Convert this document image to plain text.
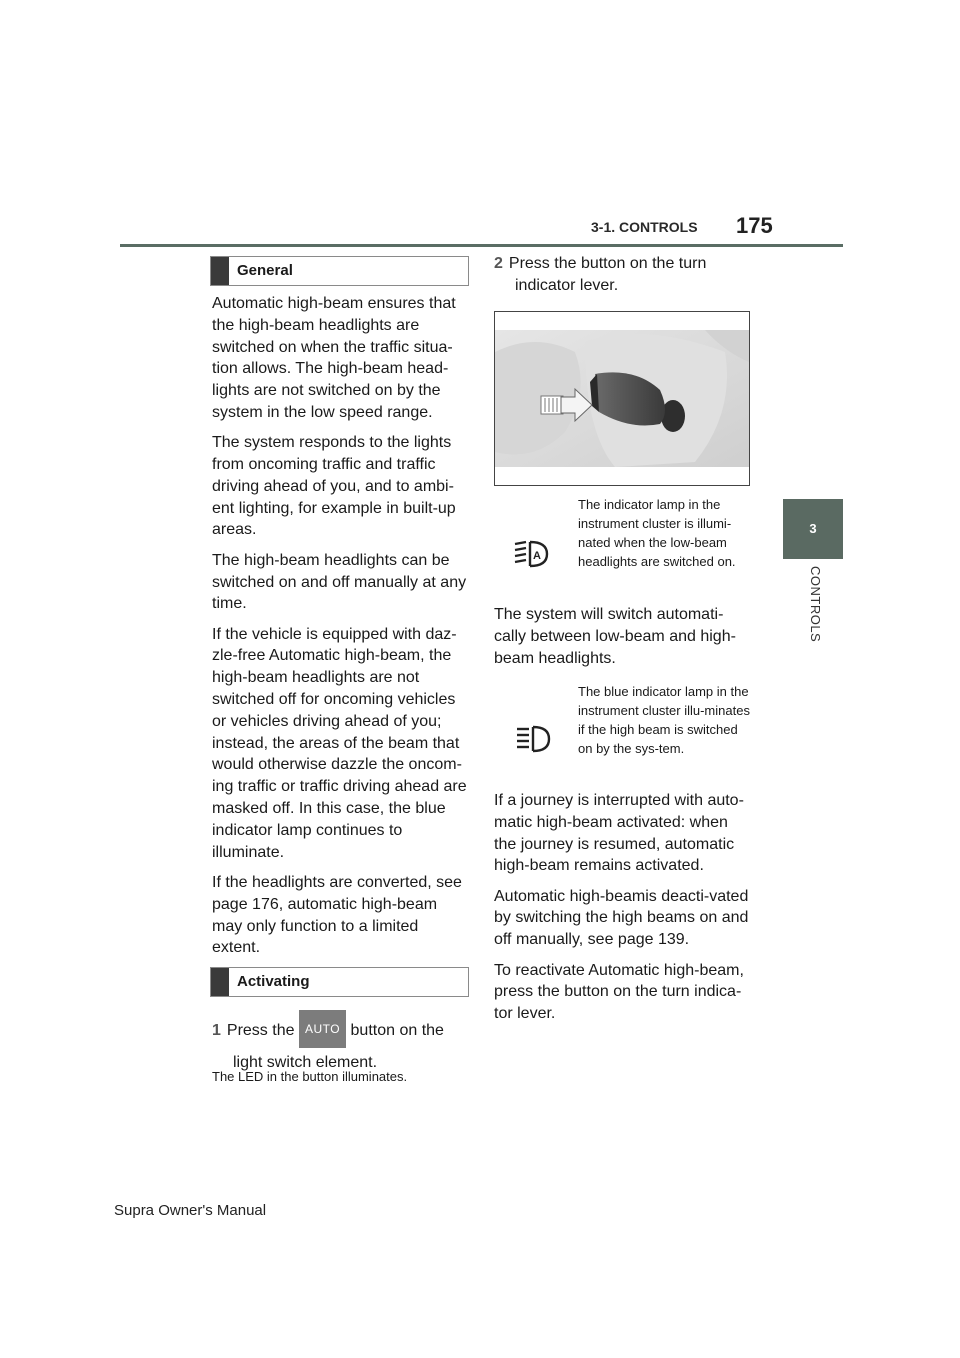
3-1. CONTROLS 175
3
CONTROLS
General

Automatic high-beam ensures that the high-beam headlights are switched on when the traffic situa-tion allows. The high-beam head-lights are not switched on by the system in the low speed range.

The system responds to the lights from oncoming traffic and traffic driving ahead of you, and to ambi-ent lighting, for example in built-up areas.

The high-beam headlights can be switched on and off manually at any time.

If the vehicle is equipped with daz-zle-free Automatic high-beam, the high-beam headlights are not switched off for oncoming vehicles or vehicles driving ahead of you; instead, the areas of the beam that would otherwise dazzle the oncom-ing traffic or traffic driving ahead are masked off. In this case, the blue indicator lamp continues to illuminate.

If the headlights are converted, see page 176, automatic high-beam may only function to a limited extent.

Activating
1 Press the AUTO button on the
light switch element.
The LED in the button illuminates.
2 Press the button on the turn
indicator lever.
A
The indicator lamp in the instrument cluster is illumi-nated when the low-beam headlights are switched on.
The system will switch automati-cally between low-beam and high-beam headlights.
The blue indicator lamp in the instrument cluster illu-minates if the high beam is switched on by the sys-tem.

If a journey is interrupted with auto-matic high-beam activated: when the journey is resumed, automatic high-beam remains activated.

Automatic high-beamis deacti-vated by switching the high beams on and off manually, see page 139.

To reactivate Automatic high-beam, press the button on the turn indica-tor lever.

Supra Owner's Manual
